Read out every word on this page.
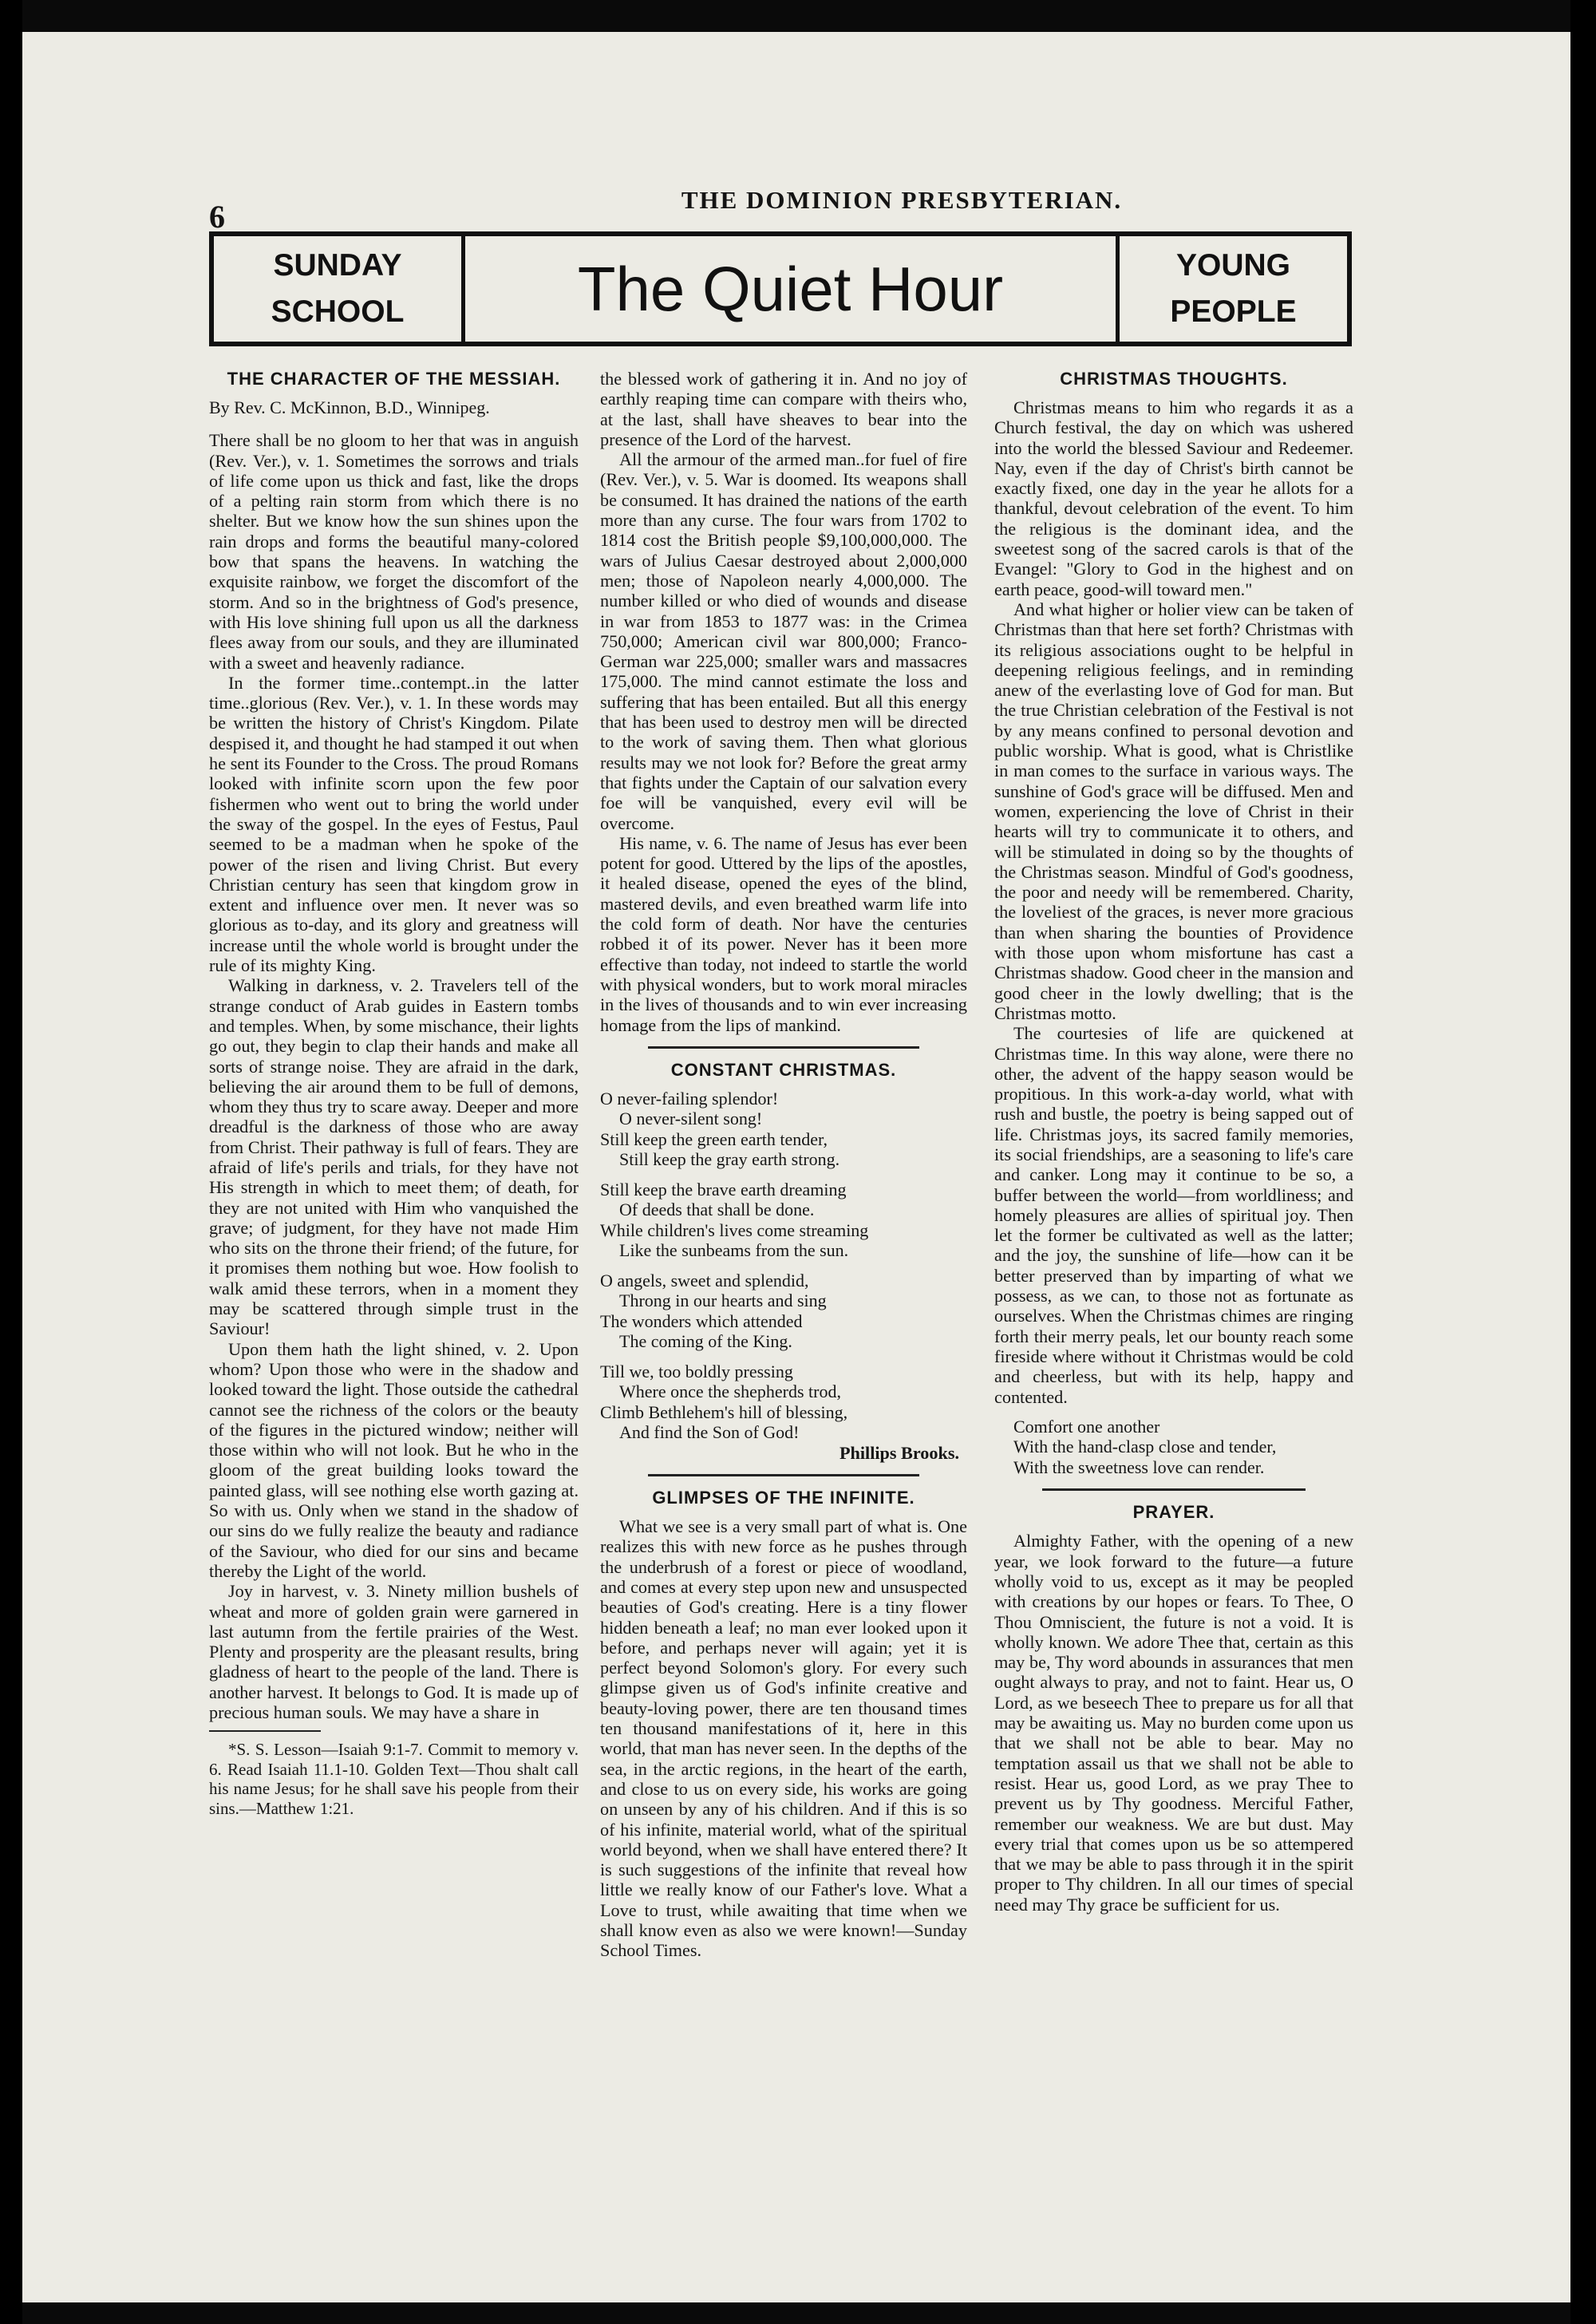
6	THE DOMINION PRESBYTERIAN.
SUNDAY
SCHOOL	The Quiet Hour	YOUNG
PEOPLE
THE CHARACTER OF THE MESSIAH.

By Rev. C. McKinnon, B.D., Winnipeg.

There shall be no gloom to her that was in anguish (Rev. Ver.), v. 1. Sometimes the sorrows and trials of life come upon us thick and fast, like the drops of a pelting rain storm from which there is no shelter. But we know how the sun shines upon the rain drops and forms the beautiful many-colored bow that spans the heavens. In watching the exquisite rainbow, we forget the discomfort of the storm. And so in the brightness of God's presence, with His love shining full upon us all the darkness flees away from our souls, and they are illuminated with a sweet and heavenly radiance.

In the former time..contempt..in the latter time..glorious (Rev. Ver.), v. 1. In these words may be written the history of Christ's Kingdom. Pilate despised it, and thought he had stamped it out when he sent its Founder to the Cross. The proud Romans looked with infinite scorn upon the few poor fishermen who went out to bring the world under the sway of the gospel. In the eyes of Festus, Paul seemed to be a madman when he spoke of the power of the risen and living Christ. But every Christian century has seen that kingdom grow in extent and influence over men. It never was so glorious as to-day, and its glory and greatness will increase until the whole world is brought under the rule of its mighty King.

Walking in darkness, v. 2. Travelers tell of the strange conduct of Arab guides in Eastern tombs and temples. When, by some mischance, their lights go out, they begin to clap their hands and make all sorts of strange noise. They are afraid in the dark, believing the air around them to be full of demons, whom they thus try to scare away. Deeper and more dreadful is the darkness of those who are away from Christ. Their pathway is full of fears. They are afraid of life's perils and trials, for they have not His strength in which to meet them; of death, for they are not united with Him who vanquished the grave; of judgment, for they have not made Him who sits on the throne their friend; of the future, for it promises them nothing but woe. How foolish to walk amid these terrors, when in a moment they may be scattered through simple trust in the Saviour!

Upon them hath the light shined, v. 2. Upon whom? Upon those who were in the shadow and looked toward the light. Those outside the cathedral cannot see the richness of the colors or the beauty of the figures in the pictured window; neither will those within who will not look. But he who in the gloom of the great building looks toward the painted glass, will see nothing else worth gazing at. So with us. Only when we stand in the shadow of our sins do we fully realize the beauty and radiance of the Saviour, who died for our sins and became thereby the Light of the world.

Joy in harvest, v. 3. Ninety million bushels of wheat and more of golden grain were garnered in last autumn from the fertile prairies of the West. Plenty and prosperity are the pleasant results, bring gladness of heart to the people of the land. There is another harvest. It belongs to God. It is made up of precious human souls. We may have a share in

*S. S. Lesson—Isaiah 9:1-7. Commit to memory v. 6. Read Isaiah 11.1-10. Golden Text—Thou shalt call his name Jesus; for he shall save his people from their sins.—Matthew 1:21.

the blessed work of gathering it in. And no joy of earthly reaping time can compare with theirs who, at the last, shall have sheaves to bear into the presence of the Lord of the harvest.

All the armour of the armed man..for fuel of fire (Rev. Ver.), v. 5. War is doomed. Its weapons shall be consumed. It has drained the nations of the earth more than any curse. The four wars from 1702 to 1814 cost the British people $9,100,000,000. The wars of Julius Caesar destroyed about 2,000,000 men; those of Napoleon nearly 4,000,000. The number killed or who died of wounds and disease in war from 1853 to 1877 was: in the Crimea 750,000; American civil war 800,000; Franco-German war 225,000; smaller wars and massacres 175,000. The mind cannot estimate the loss and suffering that has been entailed. But all this energy that has been used to destroy men will be directed to the work of saving them. Then what glorious results may we not look for? Before the great army that fights under the Captain of our salvation every foe will be vanquished, every evil will be overcome.

His name, v. 6. The name of Jesus has ever been potent for good. Uttered by the lips of the apostles, it healed disease, opened the eyes of the blind, mastered devils, and even breathed warm life into the cold form of death. Nor have the centuries robbed it of its power. Never has it been more effective than today, not indeed to startle the world with physical wonders, but to work moral miracles in the lives of thousands and to win ever increasing homage from the lips of mankind.

CONSTANT CHRISTMAS.
O never-failing splendor!
O never-silent song!
Still keep the green earth tender,
Still keep the gray earth strong.
Still keep the brave earth dreaming
Of deeds that shall be done.
While children's lives come streaming
Like the sunbeams from the sun.
O angels, sweet and splendid,
Throng in our hearts and sing
The wonders which attended
The coming of the King.
Till we, too boldly pressing
Where once the shepherds trod,
Climb Bethlehem's hill of blessing,
And find the Son of God!
Phillips Brooks.
GLIMPSES OF THE INFINITE.

What we see is a very small part of what is. One realizes this with new force as he pushes through the underbrush of a forest or piece of woodland, and comes at every step upon new and unsuspected beauties of God's creating. Here is a tiny flower hidden beneath a leaf; no man ever looked upon it before, and perhaps never will again; yet it is perfect beyond Solomon's glory. For every such glimpse given us of God's infinite creative and beauty-loving power, there are ten thousand times ten thousand manifestations of it, here in this world, that man has never seen. In the depths of the sea, in the arctic regions, in the heart of the earth, and close to us on every side, his works are going on unseen by any of his children. And if this is so of his infinite, material world, what of the spiritual world beyond, when we shall have entered there? It is such suggestions of the infinite that reveal how little we really know of our Father's love. What a Love to trust, while awaiting that time when we shall know even as also we were known!—Sunday School Times.

CHRISTMAS THOUGHTS.

Christmas means to him who regards it as a Church festival, the day on which was ushered into the world the blessed Saviour and Redeemer. Nay, even if the day of Christ's birth cannot be exactly fixed, one day in the year he allots for a thankful, devout celebration of the event. To him the religious is the dominant idea, and the sweetest song of the sacred carols is that of the Evangel: "Glory to God in the highest and on earth peace, good-will toward men."

And what higher or holier view can be taken of Christmas than that here set forth? Christmas with its religious associations ought to be helpful in deepening religious feelings, and in reminding anew of the everlasting love of God for man. But the true Christian celebration of the Festival is not by any means confined to personal devotion and public worship. What is good, what is Christlike in man comes to the surface in various ways. The sunshine of God's grace will be diffused. Men and women, experiencing the love of Christ in their hearts will try to communicate it to others, and will be stimulated in doing so by the thoughts of the Christmas season. Mindful of God's goodness, the poor and needy will be remembered. Charity, the loveliest of the graces, is never more gracious than when sharing the bounties of Providence with those upon whom misfortune has cast a Christmas shadow. Good cheer in the mansion and good cheer in the lowly dwelling; that is the Christmas motto.

The courtesies of life are quickened at Christmas time. In this way alone, were there no other, the advent of the happy season would be propitious. In this work-a-day world, what with rush and bustle, the poetry is being sapped out of life. Christmas joys, its sacred family memories, its social friendships, are a seasoning to life's care and canker. Long may it continue to be so, a buffer between the world—from worldliness; and homely pleasures are allies of spiritual joy. Then let the former be cultivated as well as the latter; and the joy, the sunshine of life—how can it be better preserved than by imparting of what we possess, as we can, to those not as fortunate as ourselves. When the Christmas chimes are ringing forth their merry peals, let our bounty reach some fireside where without it Christmas would be cold and cheerless, but with its help, happy and contented.

Comfort one another
With the hand-clasp close and tender,
With the sweetness love can render.
PRAYER.

Almighty Father, with the opening of a new year, we look forward to the future—a future wholly void to us, except as it may be peopled with creations by our hopes or fears. To Thee, O Thou Omniscient, the future is not a void. It is wholly known. We adore Thee that, certain as this may be, Thy word abounds in assurances that men ought always to pray, and not to faint. Hear us, O Lord, as we beseech Thee to prepare us for all that may be awaiting us. May no burden come upon us that we shall not be able to bear. May no temptation assail us that we shall not be able to resist. Hear us, good Lord, as we pray Thee to prevent us by Thy goodness. Merciful Father, remember our weakness. We are but dust. May every trial that comes upon us be so attempered that we may be able to pass through it in the spirit proper to Thy children. In all our times of special need may Thy grace be sufficient for us.
